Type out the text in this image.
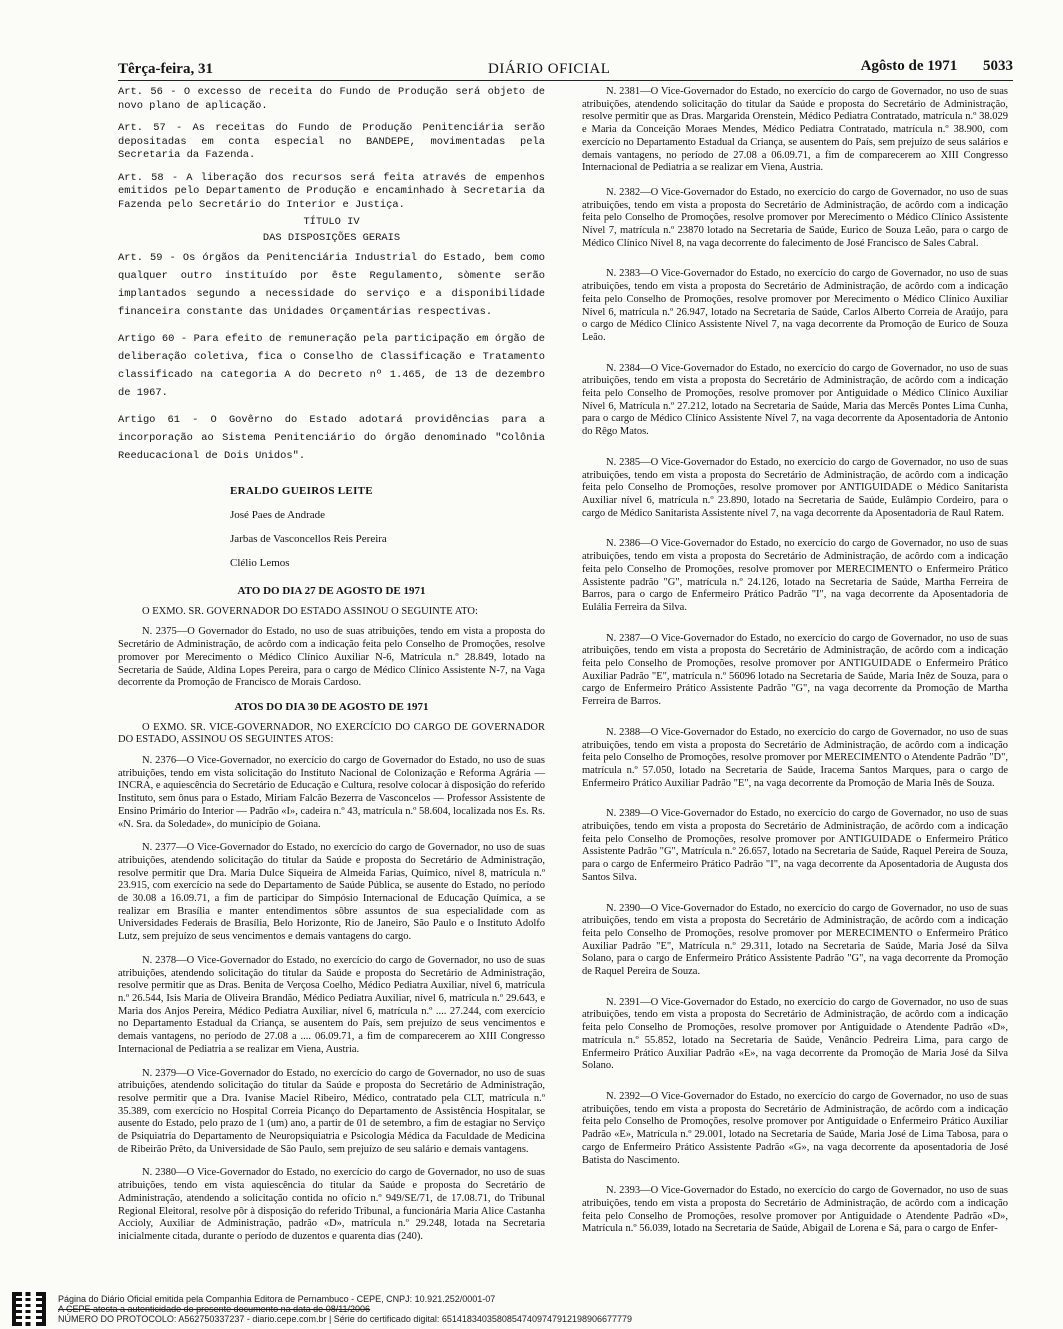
Têrça-feira, 31	DIÁRIO OFICIAL	Agôsto de 1971 5033

Art. 56 - O excesso de receita do Fundo de Produção será objeto de novo plano de aplicação.

Art. 57 - As receitas do Fundo de Produção Penitenciária serão depositadas em conta especial no BANDEPE, movimentadas pela Secretaria da Fazenda.

Art. 58 - A liberação dos recursos será feita através de empenhos emitidos pelo Departamento de Produção e encaminhado à Secretaria da Fazenda pelo Secretário do Interior e Justiça.

TÍTULO IV

DAS DISPOSIÇÕES GERAIS

Art. 59 - Os órgãos da Penitenciária Industrial do Estado, bem como qualquer outro instituído por êste Regulamento, sòmente serão implantados segundo a necessidade do serviço e a disponibilidade financeira constante das Unidades Orçamentárias respectivas.

Artigo 60 - Para efeito de remuneração pela participação em órgão de deliberação coletiva, fica o Conselho de Classificação e Tratamento classificado na categoria A do Decreto nº 1.465, de 13 de dezembro de 1967.

Artigo 61 - O Govêrno do Estado adotará providências para a incorporação ao Sistema Penitenciário do órgão denominado "Colônia Reeducacional de Dois Unidos".

ERALDO GUEIROS LEITE
José Paes de Andrade
Jarbas de Vasconcellos Reis Pereira
Clélio Lemos
ATO DO DIA 27 DE AGOSTO DE 1971

O EXMO. SR. GOVERNADOR DO ESTADO ASSINOU O SEGUINTE ATO:

N. 2375—O Governador do Estado, no uso de suas atribuições, tendo em vista a proposta do Secretário de Administração, de acôrdo com a indicação feita pelo Conselho de Promoções, resolve promover por Merecimento o Médico Clínico Auxiliar N-6, Matrícula n.º 28.849, lotado na Secretaria de Saúde, Aldina Lopes Pereira, para o cargo de Médico Clínico Assistente N-7, na Vaga decorrente da Promoção de Francisco de Morais Cardoso.

ATOS DO DIA 30 DE AGOSTO DE 1971

O EXMO. SR. VICE-GOVERNADOR, NO EXERCÍCIO DO CARGO DE GOVERNADOR DO ESTADO, ASSINOU OS SEGUINTES ATOS:

N. 2376—O Vice-Governador, no exercício do cargo de Governador do Estado, no uso de suas atribuições, tendo em vista solicitação do Instituto Nacional de Colonização e Reforma Agrária — INCRA, e aquiescência do Secretário de Educação e Cultura, resolve colocar à disposição do referido Instituto, sem ônus para o Estado, Miriam Falcão Bezerra de Vasconcelos — Professor Assistente de Ensino Primário do Interior — Padrão «I», cadeira n.º 43, matrícula n.º 58.604, localizada nos Es. Rs. «N. Sra. da Soledade», do município de Goiana.

N. 2377—O Vice-Governador do Estado, no exercício do cargo de Governador, no uso de suas atribuições, atendendo solicitação do titular da Saúde e proposta do Secretário de Administração, resolve permitir que Dra. Maria Dulce Siqueira de Almeida Farias, Químico, nível 8, matrícula n.º 23.915, com exercício na sede do Departamento de Saúde Pública, se ausente do Estado, no período de 30.08 a 16.09.71, a fim de participar do Simpósio Internacional de Educação Química, a se realizar em Brasília e manter entendimentos sôbre assuntos de sua especialidade com as Universidades Federais de Brasília, Belo Horizonte, Rio de Janeiro, São Paulo e o Instituto Adolfo Lutz, sem prejuízo de seus vencimentos e demais vantagens do cargo.

N. 2378—O Vice-Governador do Estado, no exercício do cargo de Governador, no uso de suas atribuições, atendendo solicitação do titular da Saúde e proposta do Secretário de Administração, resolve permitir que as Dras. Benita de Verçosa Coelho, Médico Pediatra Auxiliar, nível 6, matrícula n.º 26.544, Isis Maria de Oliveira Brandão, Médico Pediatra Auxiliar, nível 6, matrícula n.º 29.643, e Maria dos Anjos Pereira, Médico Pediatra Auxiliar, nível 6, matrícula n.º .... 27.244, com exercício no Departamento Estadual da Criança, se ausentem do País, sem prejuízo de seus vencimentos e demais vantagens, no período de 27.08 a .... 06.09.71, a fim de comparecerem ao XIII Congresso Internacional de Pediatria a se realizar em Viena, Austria.

N. 2379—O Vice-Governador do Estado, no exercício do cargo de Governador, no uso de suas atribuições, atendendo solicitação do titular da Saúde e proposta do Secretário de Administração, resolve permitir que a Dra. Ivanise Maciel Ribeiro, Médico, contratado pela CLT, matrícula n.º 35.389, com exercício no Hospital Correia Picanço do Departamento de Assistência Hospitalar, se ausente do Estado, pelo prazo de 1 (um) ano, a partir de 01 de setembro, a fim de estagiar no Serviço de Psiquiatria do Departamento de Neuropsiquiatria e Psicologia Médica da Faculdade de Medicina de Ribeirão Prêto, da Universidade de São Paulo, sem prejuízo de seu salário e demais vantagens.

N. 2380—O Vice-Governador do Estado, no exercício do cargo de Governador, no uso de suas atribuições, tendo em vista aquiescência do titular da Saúde e proposta do Secretário de Administração, atendendo a solicitação contida no ofício n.º 949/SE/71, de 17.08.71, do Tribunal Regional Eleitoral, resolve pôr à disposição do referido Tribunal, a funcionária Maria Alice Castanha Accioly, Auxiliar de Administração, padrão «D», matrícula n.º 29.248, lotada na Secretaria inicialmente citada, durante o período de duzentos e quarenta dias (240).

N. 2381—O Vice-Governador do Estado, no exercício do cargo de Governador, no uso de suas atribuições, atendendo solicitação do titular da Saúde e proposta do Secretário de Administração, resolve permitir que as Dras. Margarida Orenstein, Médico Pediatra Contratado, matrícula n.º 38.029 e Maria da Conceição Moraes Mendes, Médico Pediatra Contratado, matrícula n.º 38.900, com exercício no Departamento Estadual da Criança, se ausentem do País, sem prejuízo de seus salários e demais vantagens, no período de 27.08 a 06.09.71, a fim de comparecerem ao XIII Congresso Internacional de Pediatria a se realizar em Viena, Austria.

N. 2382—O Vice-Governador do Estado, no exercício do cargo de Governador, no uso de suas atribuições, tendo em vista a proposta do Secretário de Administração, de acôrdo com a indicação feita pelo Conselho de Promoções, resolve promover por Merecimento o Médico Clínico Assistente Nível 7, matrícula n.º 23870 lotado na Secretaria de Saúde, Eurico de Souza Leão, para o cargo de Médico Clínico Nível 8, na vaga decorrente do falecimento de José Francisco de Sales Cabral.

N. 2383—O Vice-Governador do Estado, no exercício do cargo de Governador, no uso de suas atribuições, tendo em vista a proposta do Secretário de Administração, de acôrdo com a indicação feita pelo Conselho de Promoções, resolve promover por Merecimento o Médico Clínico Auxiliar Nível 6, matrícula n.º 26.947, lotado na Secretaria de Saúde, Carlos Alberto Correia de Araújo, para o cargo de Médico Clínico Assistente Nível 7, na vaga decorrente da Promoção de Eurico de Souza Leão.

N. 2384—O Vice-Governador do Estado, no exercício do cargo de Governador, no uso de suas atribuições, tendo em vista a proposta do Secretário de Administração, de acôrdo com a indicação feita pelo Conselho de Promoções, resolve promover por Antiguidade o Médico Clínico Auxiliar Nível 6, Matrícula n.º 27.212, lotado na Secretaria de Saúde, Maria das Mercês Pontes Lima Cunha, para o cargo de Médico Clínico Assistente Nível 7, na vaga decorrente da Aposentadoria de Antonio do Rêgo Matos.

N. 2385—O Vice-Governador do Estado, no exercício do cargo de Governador, no uso de suas atribuições, tendo em vista a proposta do Secretário de Administração, de acôrdo com a indicação feita pelo Conselho de Promoções, resolve promover por ANTIGUIDADE o Médico Sanitarista Auxiliar nível 6, matrícula n.º 23.890, lotado na Secretaria de Saúde, Eulâmpio Cordeiro, para o cargo de Médico Sanitarista Assistente nível 7, na vaga decorrente da Aposentadoria de Raul Ratem.

N. 2386—O Vice-Governador do Estado, no exercício do cargo de Governador, no uso de suas atribuições, tendo em vista a proposta do Secretário de Administração, de acôrdo com a indicação feita pelo Conselho de Promoções, resolve promover por MERECIMENTO o Enfermeiro Prático Assistente padrão "G", matrícula n.º 24.126, lotado na Secretaria de Saúde, Martha Ferreira de Barros, para o cargo de Enfermeiro Prático Padrão "I", na vaga decorrente da Aposentadoria de Eulália Ferreira da Silva.

N. 2387—O Vice-Governador do Estado, no exercício do cargo de Governador, no uso de suas atribuições, tendo em vista a proposta do Secretário de Administração, de acôrdo com a indicação feita pelo Conselho de Promoções, resolve promover por ANTIGUIDADE o Enfermeiro Prático Auxiliar Padrão "E", matrícula n.º 56096 lotado na Secretaria de Saúde, Maria Inêz de Souza, para o cargo de Enfermeiro Prático Assistente Padrão "G", na vaga decorrente da Promoção de Martha Ferreira de Barros.

N. 2388—O Vice-Governador do Estado, no exercício do cargo de Governador, no uso de suas atribuições, tendo em vista a proposta do Secretário de Administração, de acôrdo com a indicação feita pelo Conselho de Promoções, resolve promover por MERECIMENTO o Atendente Padrão "D", matrícula n.º 57.050, lotado na Secretaria de Saúde, Iracema Santos Marques, para o cargo de Enfermeiro Prático Auxiliar Padrão "E", na vaga decorrente da Promoção de Maria Inês de Souza.

N. 2389—O Vice-Governador do Estado, no exercício do cargo de Governador, no uso de suas atribuições, tendo em vista a proposta do Secretário de Administração, de acôrdo com a indicação feita pelo Conselho de Promoções, resolve promover por ANTIGUIDADE o Enfermeiro Prático Assistente Padrão "G", Matrícula n.º 26.657, lotado na Secretaria de Saúde, Raquel Pereira de Souza, para o cargo de Enfermeiro Prático Padrão "I", na vaga decorrente da Aposentadoria de Augusta dos Santos Silva.

N. 2390—O Vice-Governador do Estado, no exercício do cargo de Governador, no uso de suas atribuições, tendo em vista a proposta do Secretário de Administração, de acôrdo com a indicação feita pelo Conselho de Promoções, resolve promover por MERECIMENTO o Enfermeiro Prático Auxiliar Padrão "E", Matrícula n.º 29.311, lotado na Secretaria de Saúde, Maria José da Silva Solano, para o cargo de Enfermeiro Prático Assistente Padrão "G", na vaga decorrente da Promoção de Raquel Pereira de Souza.

N. 2391—O Vice-Governador do Estado, no exercício do cargo de Governador, no uso de suas atribuições, tendo em vista a proposta do Secretário de Administração, de acôrdo com a indicação feita pelo Conselho de Promoções, resolve promover por Antiguidade o Atendente Padrão «D», matrícula n.º 55.852, lotado na Secretaria de Saúde, Venâncio Pedreira Lima, para cargo de Enfermeiro Prático Auxiliar Padrão «E», na vaga decorrente da Promoção de Maria José da Silva Solano.

N. 2392—O Vice-Governador do Estado, no exercício do cargo de Governador, no uso de suas atribuições, tendo em vista a proposta do Secretário de Administração, de acôrdo com a indicação feita pelo Conselho de Promoções, resolve promover por Antiguidade o Enfermeiro Prático Auxiliar Padrão «E», Matrícula n.º 29.001, lotado na Secretaria de Saúde, Maria José de Lima Tabosa, para o cargo de Enfermeiro Prático Assistente Padrão «G», na vaga decorrente da aposentadoria de José Batista do Nascimento.

N. 2393—O Vice-Governador do Estado, no exercício do cargo de Governador, no uso de suas atribuições, tendo em vista a proposta do Secretário de Administração, de acôrdo com a indicação feita pelo Conselho de Promoções, resolve promover por Antiguidade o Atendente Padrão «D», Matrícula n.º 56.039, lotado na Secretaria de Saúde, Abigail de Lorena e Sá, para o cargo de Enfer-

Página do Diário Oficial emitida pela Companhia Editora de Pernambuco - CEPE, CNPJ: 10.921.252/0001-07
A CEPE atesta a autenticidade do presente documento na data de 08/11/2006
NÚMERO DO PROTOCOLO: A562750337237 - diario.cepe.com.br | Série do certificado digital: 65141834035808547409747912198906677779
